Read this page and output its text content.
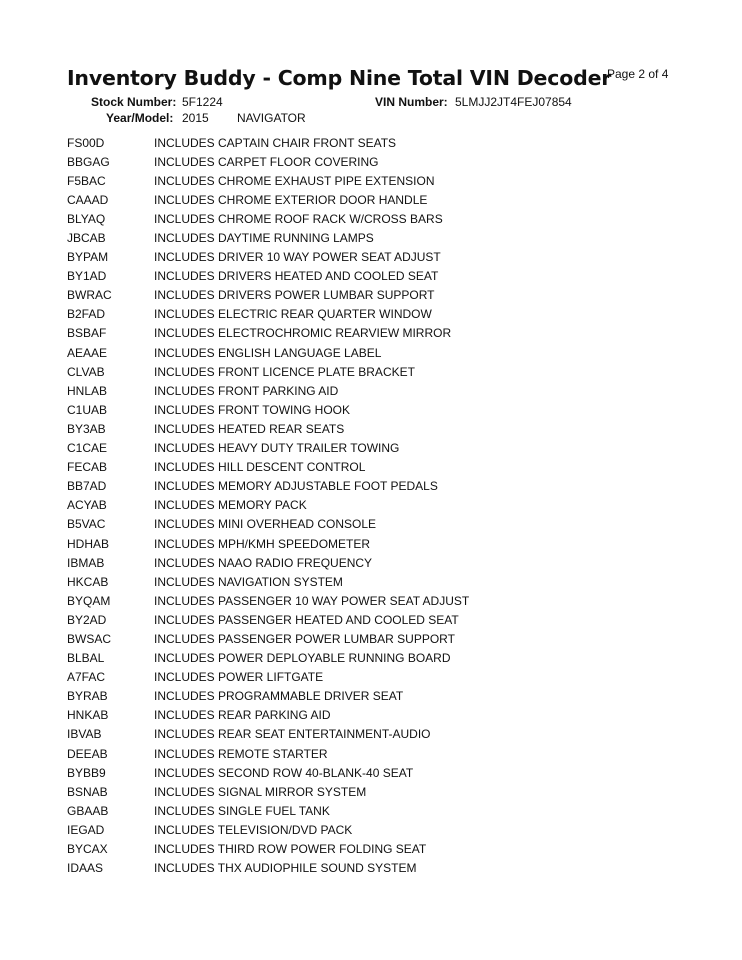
Inventory Buddy - Comp Nine Total VIN Decoder
Page 2 of 4
Stock Number: 5F1224	VIN Number: 5LMJJ2JT4FEJ07854
Year/Model: 2015 NAVIGATOR
FS00D	INCLUDES CAPTAIN CHAIR FRONT SEATS
BBGAG	INCLUDES CARPET FLOOR COVERING
F5BAC	INCLUDES CHROME EXHAUST PIPE EXTENSION
CAAAD	INCLUDES CHROME EXTERIOR DOOR HANDLE
BLYAQ	INCLUDES CHROME ROOF RACK W/CROSS BARS
JBCAB	INCLUDES DAYTIME RUNNING LAMPS
BYPAM	INCLUDES DRIVER 10 WAY POWER SEAT ADJUST
BY1AD	INCLUDES DRIVERS HEATED AND COOLED SEAT
BWRAC	INCLUDES DRIVERS POWER LUMBAR SUPPORT
B2FAD	INCLUDES ELECTRIC REAR QUARTER WINDOW
BSBAF	INCLUDES ELECTROCHROMIC REARVIEW MIRROR
AEAAE	INCLUDES ENGLISH LANGUAGE LABEL
CLVAB	INCLUDES FRONT LICENCE PLATE BRACKET
HNLAB	INCLUDES FRONT PARKING AID
C1UAB	INCLUDES FRONT TOWING HOOK
BY3AB	INCLUDES HEATED REAR SEATS
C1CAE	INCLUDES HEAVY DUTY TRAILER TOWING
FECAB	INCLUDES HILL DESCENT CONTROL
BB7AD	INCLUDES MEMORY ADJUSTABLE FOOT PEDALS
ACYAB	INCLUDES MEMORY PACK
B5VAC	INCLUDES MINI OVERHEAD CONSOLE
HDHAB	INCLUDES MPH/KMH SPEEDOMETER
IBMAB	INCLUDES NAAO RADIO FREQUENCY
HKCAB	INCLUDES NAVIGATION SYSTEM
BYQAM	INCLUDES PASSENGER 10 WAY POWER SEAT ADJUST
BY2AD	INCLUDES PASSENGER HEATED AND COOLED SEAT
BWSAC	INCLUDES PASSENGER POWER LUMBAR SUPPORT
BLBAL	INCLUDES POWER DEPLOYABLE RUNNING BOARD
A7FAC	INCLUDES POWER LIFTGATE
BYRAB	INCLUDES PROGRAMMABLE DRIVER SEAT
HNKAB	INCLUDES REAR PARKING AID
IBVAB	INCLUDES REAR SEAT ENTERTAINMENT-AUDIO
DEEAB	INCLUDES REMOTE STARTER
BYBB9	INCLUDES SECOND ROW 40-BLANK-40 SEAT
BSNAB	INCLUDES SIGNAL MIRROR SYSTEM
GBAAB	INCLUDES SINGLE FUEL TANK
IEGAD	INCLUDES TELEVISION/DVD PACK
BYCAX	INCLUDES THIRD ROW POWER FOLDING SEAT
IDAAS	INCLUDES THX AUDIOPHILE SOUND SYSTEM
